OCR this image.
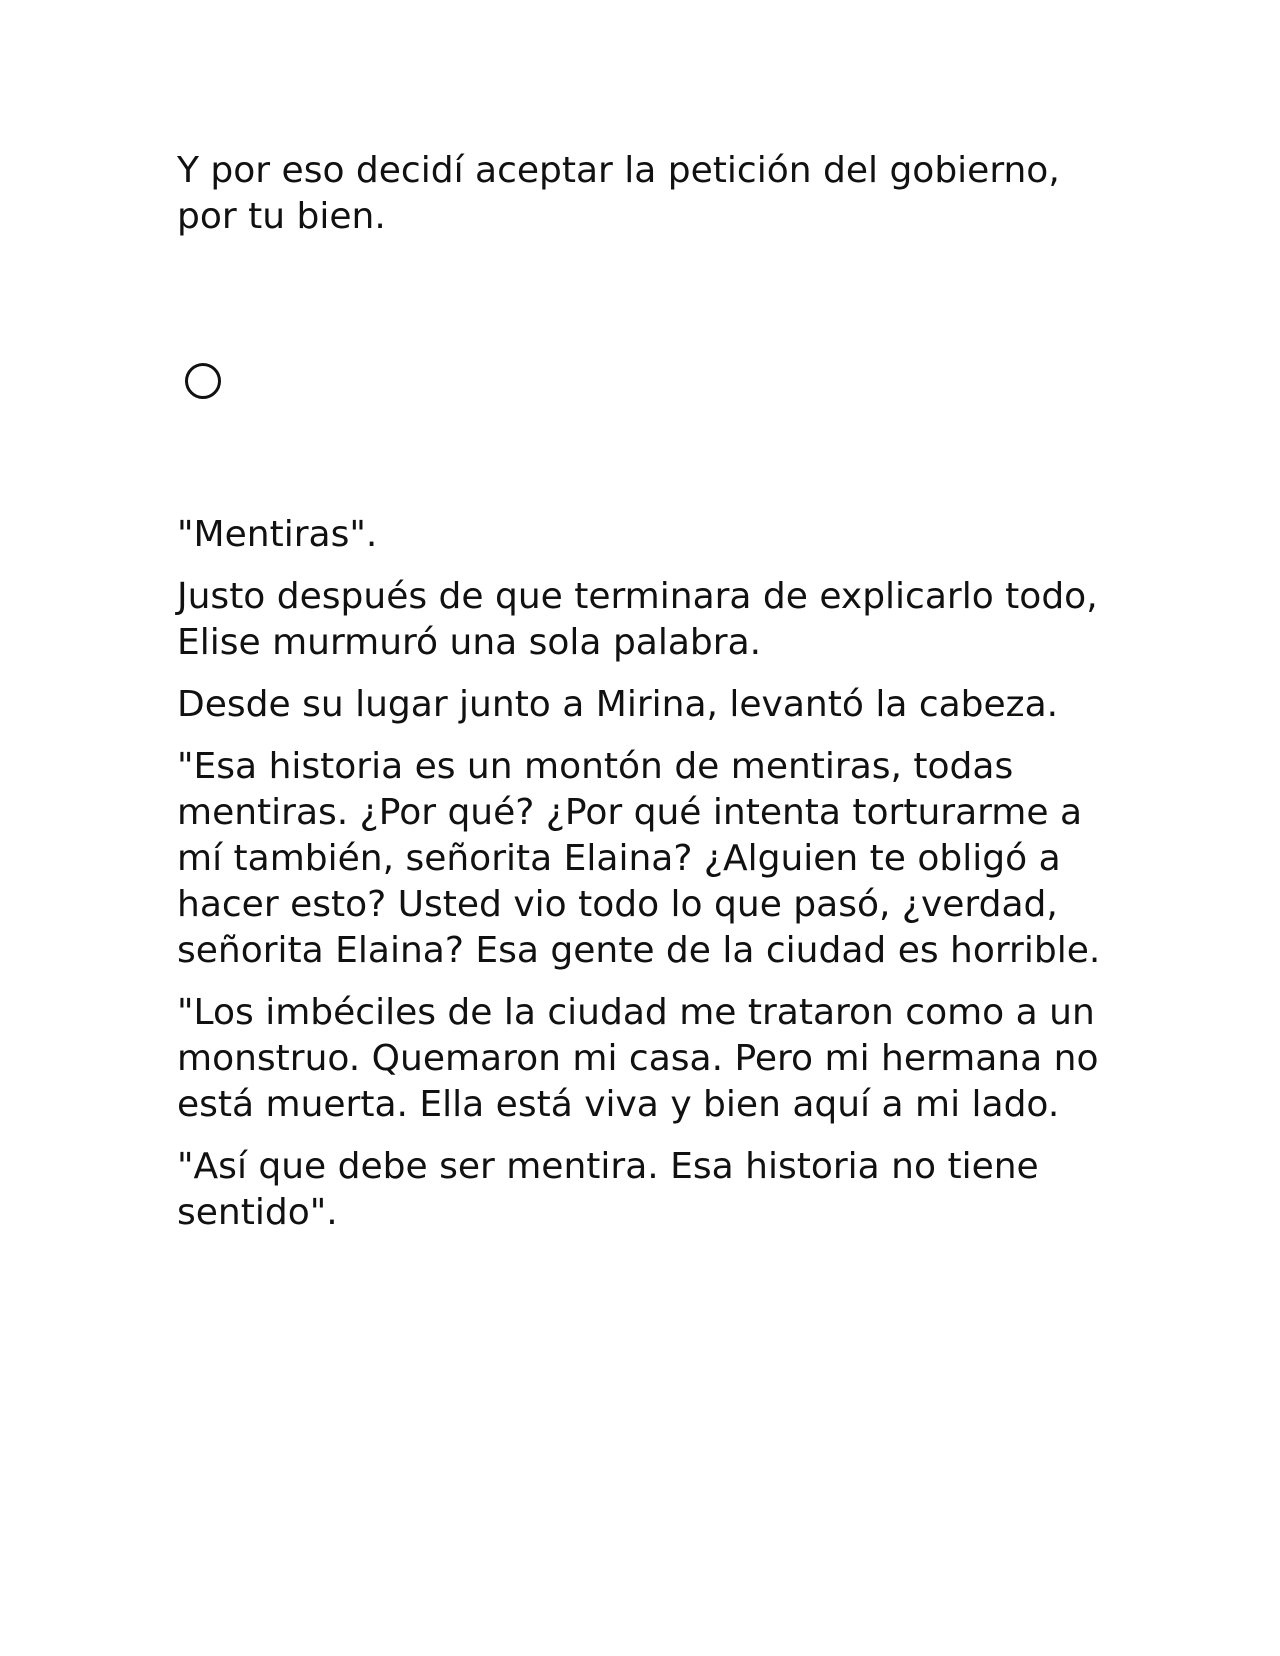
Y por eso decidí aceptar la petición del gobierno, por tu bien.

"Mentiras".

Justo después de que terminara de explicarlo todo, Elise murmuró una sola palabra.

Desde su lugar junto a Mirina, levantó la cabeza.

"Esa historia es un montón de mentiras, todas mentiras. ¿Por qué? ¿Por qué intenta torturarme a mí también, señorita Elaina? ¿Alguien te obligó a hacer esto? Usted vio todo lo que pasó, ¿verdad, señorita Elaina? Esa gente de la ciudad es horrible.

"Los imbéciles de la ciudad me trataron como a un monstruo. Quemaron mi casa. Pero mi hermana no está muerta. Ella está viva y bien aquí a mi lado.

"Así que debe ser mentira. Esa historia no tiene sentido".
